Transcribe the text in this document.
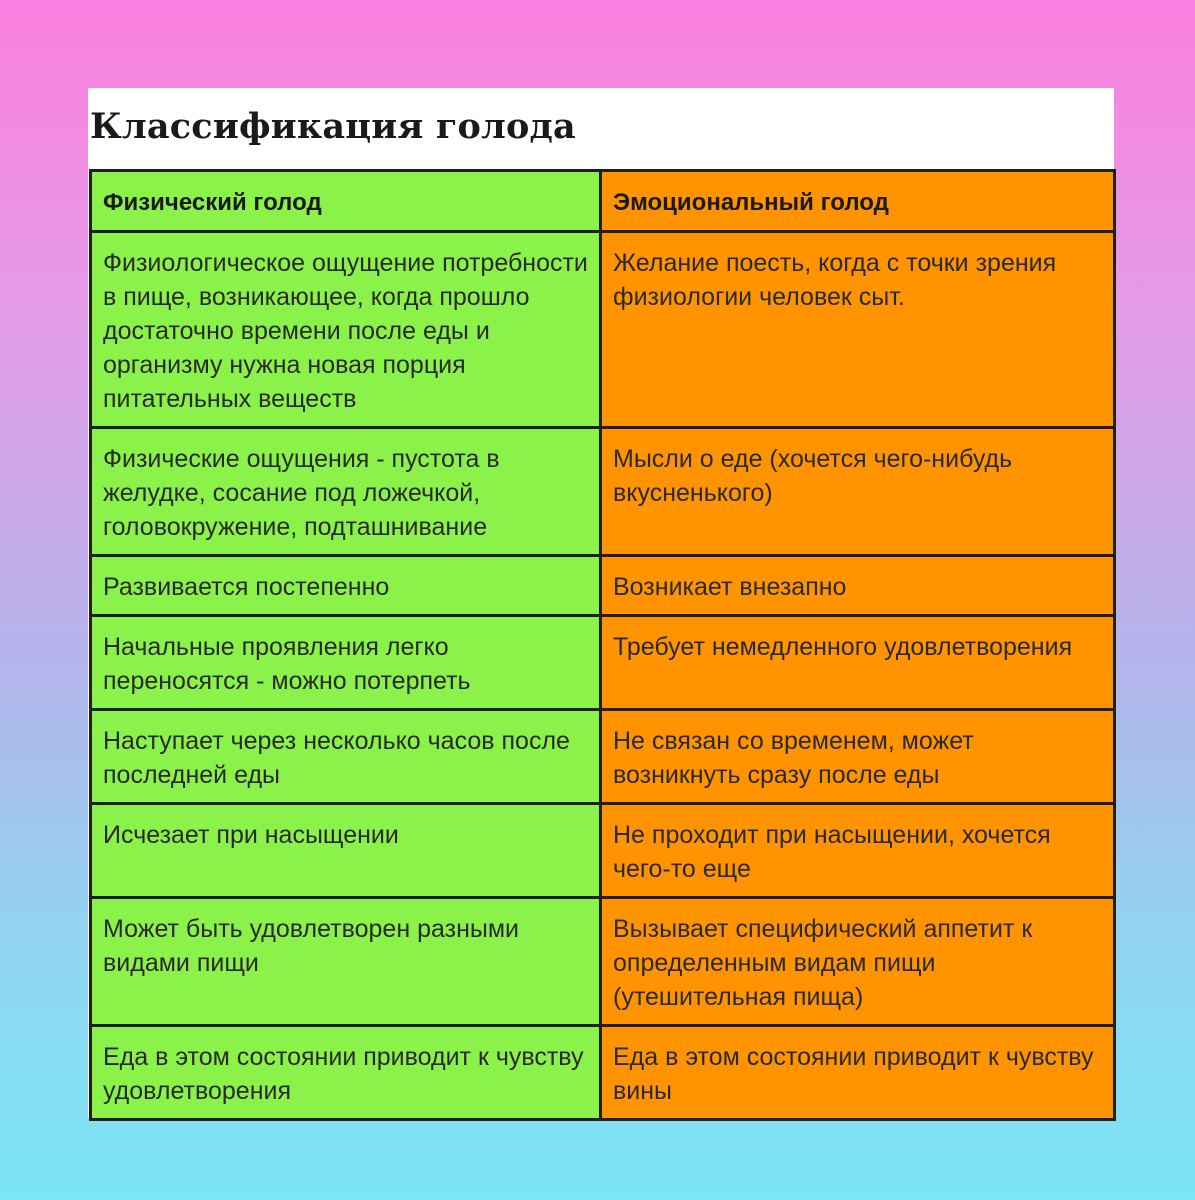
Классификация голода
Физический голод	Эмоциональный голод
Физиологическое ощущение потребности в пище, возникающее, когда прошло достаточно времени после еды и организму нужна новая порция питательных веществ	Желание поесть, когда с точки зрения физиологии человек сыт.
Физические ощущения - пустота в желудке, сосание под ложечкой, головокружение, подташнивание	Мысли о еде (хочется чего-нибудь вкусненького)
Развивается постепенно	Возникает внезапно
Начальные проявления легко переносятся - можно потерпеть	Требует немедленного удовлетворения
Наступает через несколько часов после последней еды	Не связан со временем, может возникнуть сразу после еды
Исчезает при насыщении	Не проходит при насыщении, хочется чего-то еще
Может быть удовлетворен разными видами пищи	Вызывает специфический аппетит к определенным видам пищи (утешительная пища)
Еда в этом состоянии приводит к чувству удовлетворения	Еда в этом состоянии приводит к чувству вины
